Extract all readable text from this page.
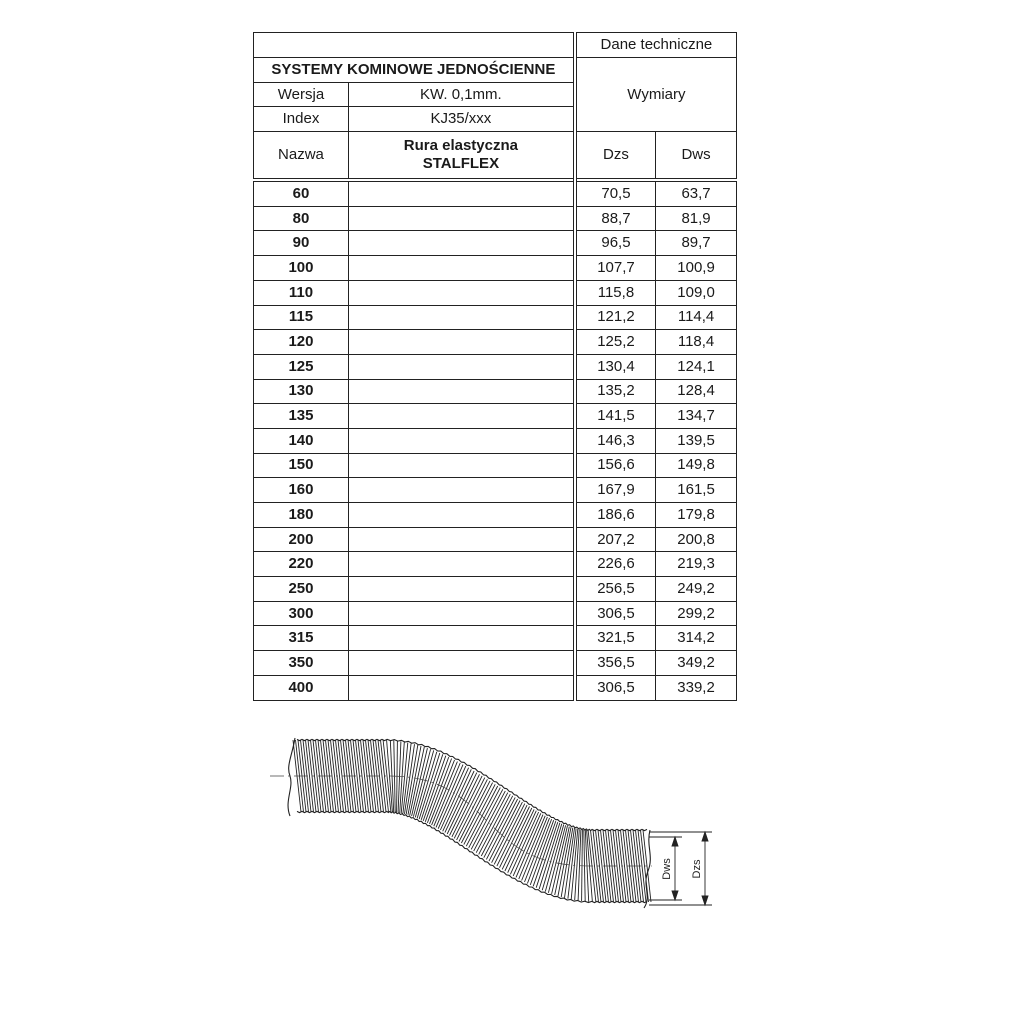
		Dane techniczne	
SYSTEMY KOMINOWE JEDNOŚCIENNE		Wymiary	
Wersja	KW. 0,1mm.		
Index	KJ35/xxx		
Nazwa	Rura elastyczna
STALFLEX	Dzs	Dws
60		70,5	63,7
80		88,7	81,9
90		96,5	89,7
100		107,7	100,9
110		115,8	109,0
115		121,2	114,4
120		125,2	118,4
125		130,4	124,1
130		135,2	128,4
135		141,5	134,7
140		146,3	139,5
150		156,6	149,8
160		167,9	161,5
180		186,6	179,8
200		207,2	200,8
220		226,6	219,3
250		256,5	249,2
300		306,5	299,2
315		321,5	314,2
350		356,5	349,2
400		306,5	339,2
Dws Dzs
